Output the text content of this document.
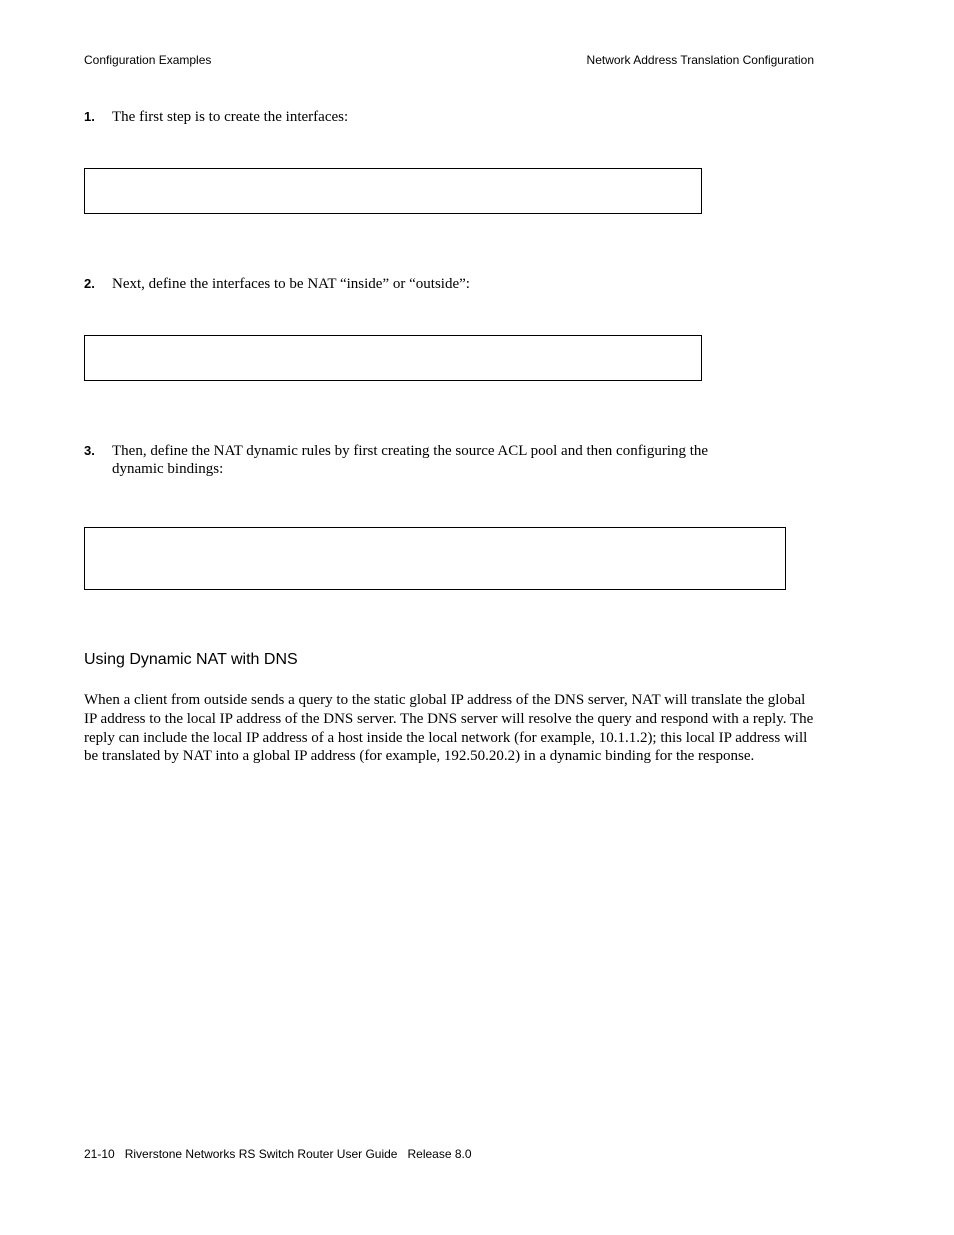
Configuration Examples	Network Address Translation Configuration
1. The first step is to create the interfaces:
2. Next, define the interfaces to be NAT “inside” or “outside”:
3. Then, define the NAT dynamic rules by first creating the source ACL pool and then configuring the dynamic bindings:
Using Dynamic NAT with DNS

When a client from outside sends a query to the static global IP address of the DNS server, NAT will translate the global IP address to the local IP address of the DNS server. The DNS server will resolve the query and respond with a reply. The reply can include the local IP address of a host inside the local network (for example, 10.1.1.2); this local IP address will be translated by NAT into a global IP address (for example, 192.50.20.2) in a dynamic binding for the response.

21-10 Riverstone Networks RS Switch Router User Guide Release 8.0
